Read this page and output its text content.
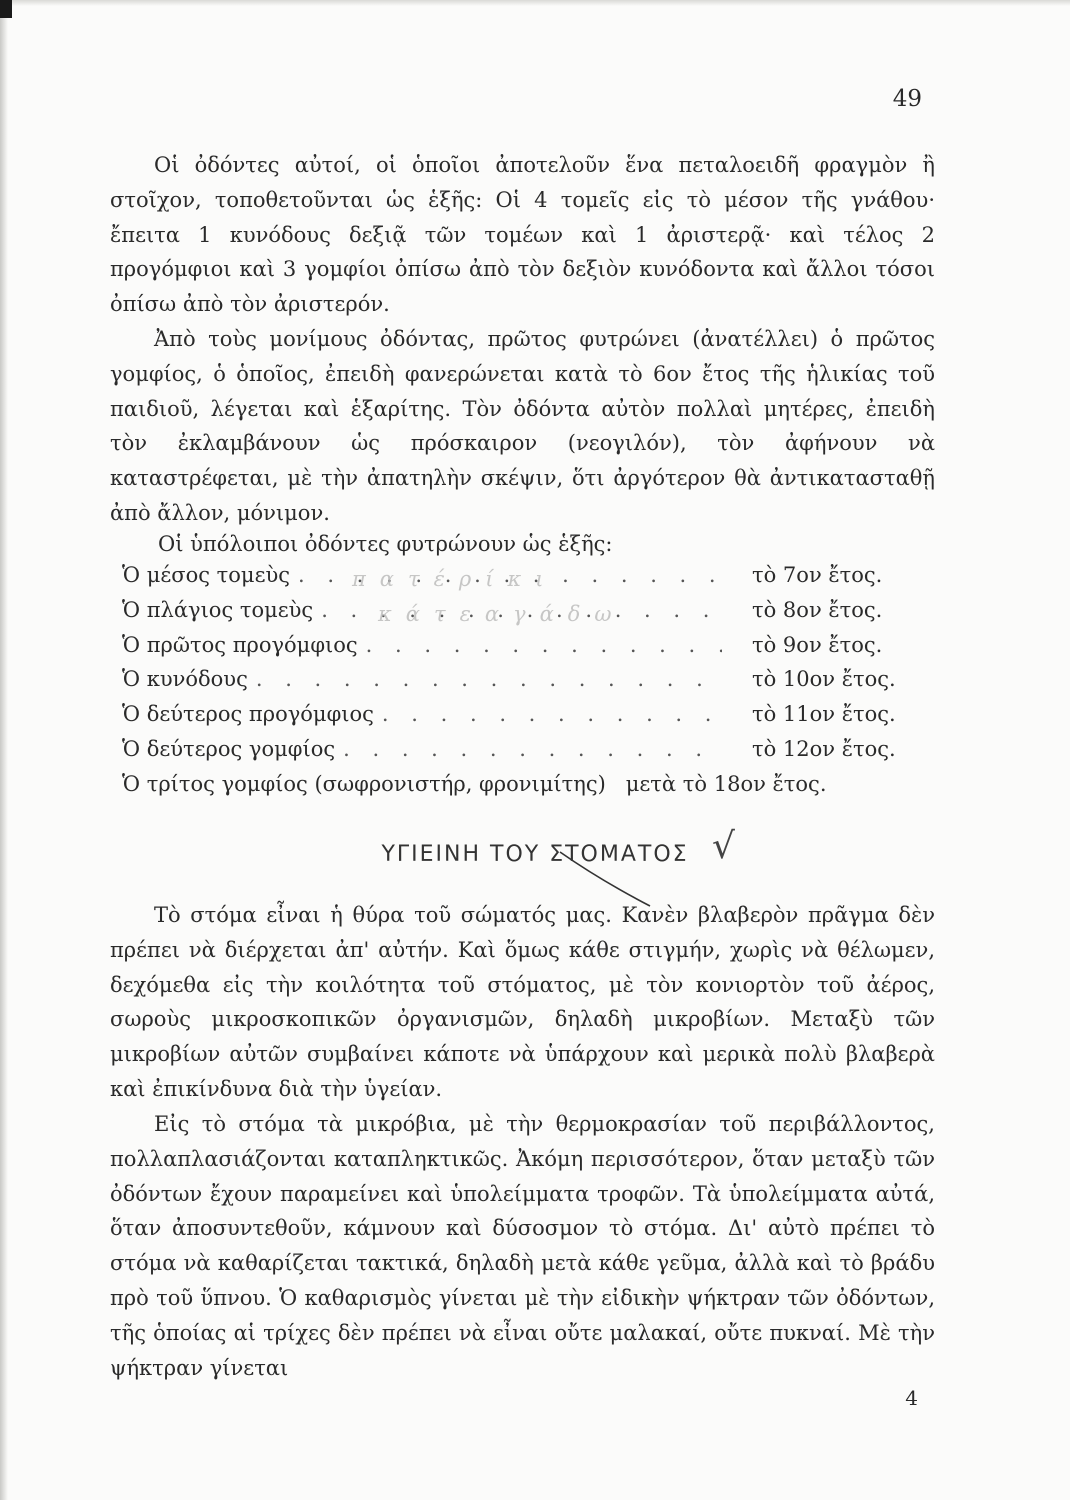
49

Οἱ ὀδόντες αὐτοί, οἱ ὁποῖοι ἀποτελοῦν ἕνα πεταλοειδῆ φραγμὸν ἢ στοῖχον, τοποθετοῦνται ὡς ἑξῆς: Οἱ 4 τομεῖς εἰς τὸ μέσον τῆς γνάθου· ἔπειτα 1 κυνόδους δεξιᾷ τῶν τομέων καὶ 1 ἀριστερᾷ· καὶ τέλος 2 προγόμφιοι καὶ 3 γομφίοι ὀπίσω ἀπὸ τὸν δεξιὸν κυνόδοντα καὶ ἄλλοι τόσοι ὀπίσω ἀπὸ τὸν ἀριστερόν.

Ἀπὸ τοὺς μονίμους ὀδόντας, πρῶτος φυτρώνει (ἀνατέλλει) ὁ πρῶτος γομφίος, ὁ ὁποῖος, ἐπειδὴ φανερώνεται κατὰ τὸ 6ον ἔτος τῆς ἡλικίας τοῦ παιδιοῦ, λέγεται καὶ ἑξαρίτης. Τὸν ὀδόντα αὐτὸν πολλαὶ μητέρες, ἐπειδὴ τὸν ἐκλαμβάνουν ὡς πρόσκαιρον (νεογιλόν), τὸν ἀφήνουν νὰ καταστρέφεται, μὲ τὴν ἀπατηλὴν σκέψιν, ὅτι ἀργότερον θὰ ἀντικατασταθῇ ἀπὸ ἄλλον, μόνιμον.

Οἱ ὑπόλοιποι ὀδόντες φυτρώνουν ὡς ἑξῆς:
Ὁ μέσος τομεὺς . . .	τὸ 7ον ἔτος.
Ὁ πλάγιος τομεὺς . . .	τὸ 8ον ἔτος.
Ὁ πρῶτος προγόμφιος . . .	τὸ 9ον ἔτος.
Ὁ κυνόδους . . .	τὸ 10ον ἔτος.
Ὁ δεύτερος προγόμφιος . . .	τὸ 11ον ἔτος.
Ὁ δεύτερος γομφίος . . .	τὸ 12ον ἔτος.
Ὁ τρίτος γομφίος (σωφρονιστήρ, φρονιμίτης) μετὰ τὸ 18ον ἔτος.
πατέρίκι
κάτεαγάδω
ΥΓΙΕΙΝΗ ΤΟΥ ΣΤΟΜΑΤΟΣ √

Τὸ στόμα εἶναι ἡ θύρα τοῦ σώματός μας. Κανὲν βλαβερὸν πρᾶγμα δὲν πρέπει νὰ διέρχεται ἀπ' αὐτήν. Καὶ ὅμως κάθε στιγμήν, χωρὶς νὰ θέλωμεν, δεχόμεθα εἰς τὴν κοιλότητα τοῦ στόματος, μὲ τὸν κονιορτὸν τοῦ ἀέρος, σωροὺς μικροσκοπικῶν ὀργανισμῶν, δηλαδὴ μικροβίων. Μεταξὺ τῶν μικροβίων αὐτῶν συμβαίνει κάποτε νὰ ὑπάρχουν καὶ μερικὰ πολὺ βλαβερὰ καὶ ἐπικίνδυνα διὰ τὴν ὑγείαν.

Εἰς τὸ στόμα τὰ μικρόβια, μὲ τὴν θερμοκρασίαν τοῦ περιβάλλοντος, πολλαπλασιάζονται καταπληκτικῶς. Ἀκόμη περισσότερον, ὅταν μεταξὺ τῶν ὀδόντων ἔχουν παραμείνει καὶ ὑπολείμματα τροφῶν. Τὰ ὑπολείμματα αὐτά, ὅταν ἀποσυντεθοῦν, κάμνουν καὶ δύσοσμον τὸ στόμα. Δι' αὐτὸ πρέπει τὸ στόμα νὰ καθαρίζεται τακτικά, δηλαδὴ μετὰ κάθε γεῦμα, ἀλλὰ καὶ τὸ βράδυ πρὸ τοῦ ὕπνου. Ὁ καθαρισμὸς γίνεται μὲ τὴν εἰδικὴν ψήκτραν τῶν ὀδόντων, τῆς ὁποίας αἱ τρίχες δὲν πρέπει νὰ εἶναι οὔτε μαλακαί, οὔτε πυκναί. Μὲ τὴν ψήκτραν γίνεται

4
